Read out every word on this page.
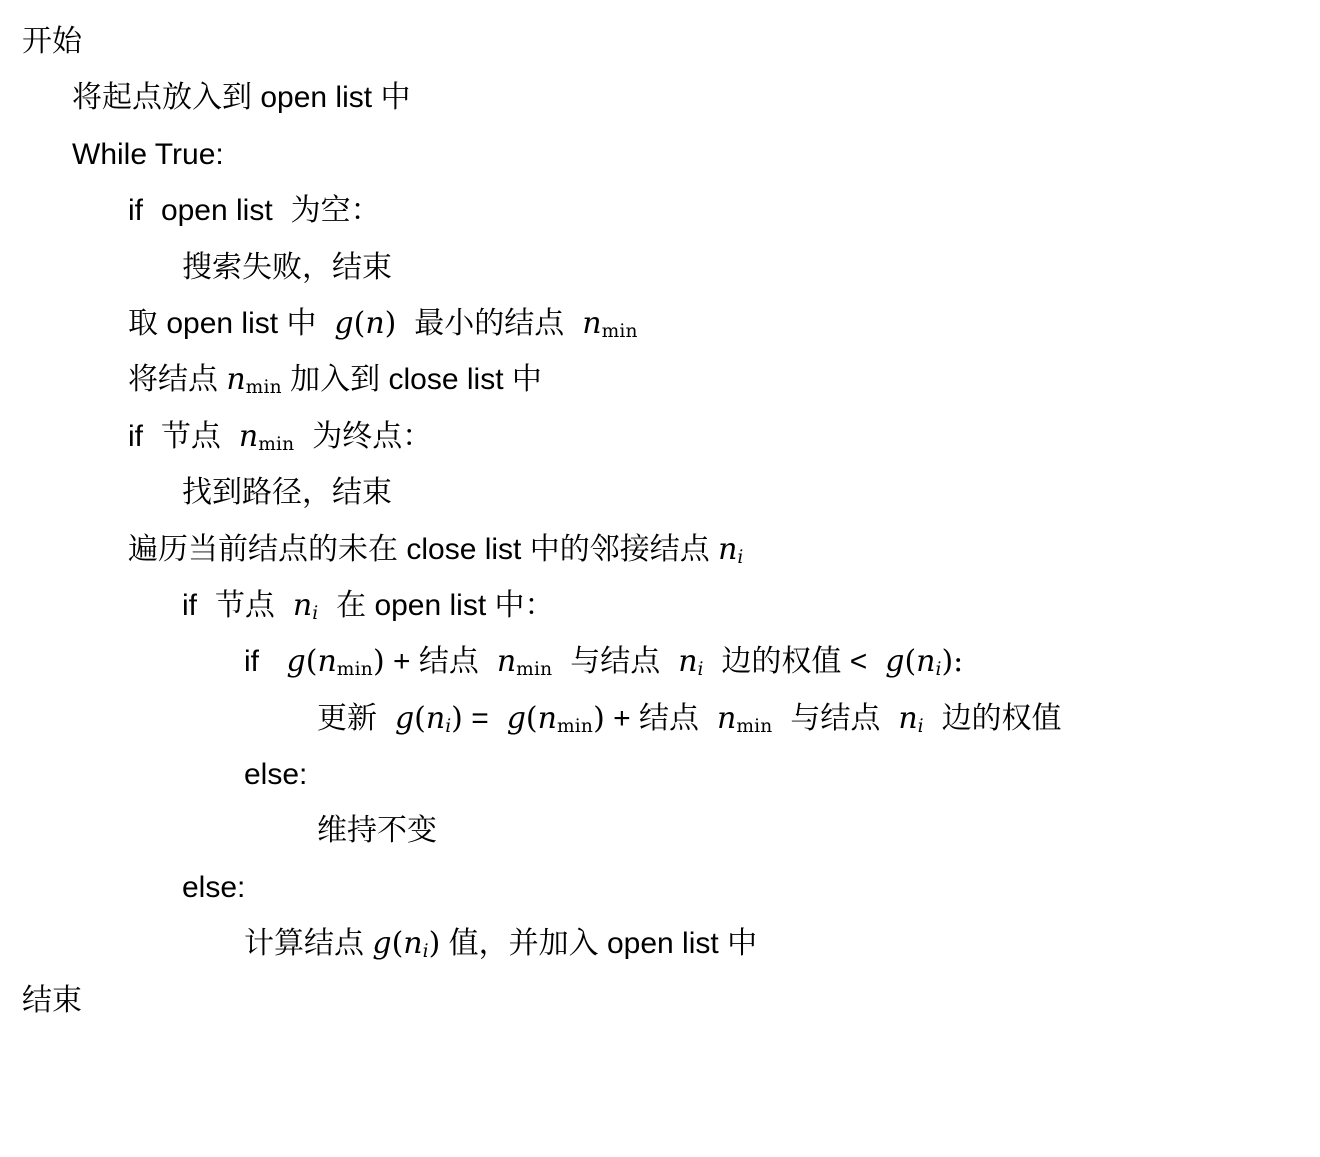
开始
将起点放入到 open list 中
While True:
if open list 为空：
搜索失败，结束
取 open list 中 g(n) 最小的结点 $n_{min}$
将结点 $n_{min}$ 加入到 close list 中
if 节点 $n_{min}$ 为终点：
找到路径，结束
遍历当前结点的未在 close list 中的邻接结点 $n_i$
if 节点 $n_i$ 在 open list 中：
if $g(n_{min})$ + 结点 $n_{min}$ 与结点 $n_i$ 边的权值 < $g(n_i)$:
更新 $g(n_i) = g(n_{min})$ + 结点 $n_{min}$ 与结点 $n_i$ 边的权值
else:
维持不变
else:
计算结点 $g(n_i)$ 值，并加入 open list 中
结束
